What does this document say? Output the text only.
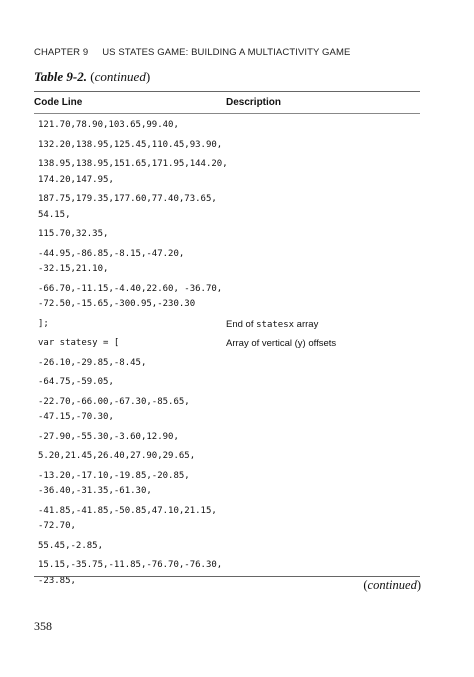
CHAPTER 9 US STATES GAME: BUILDING A MULTIACTIVITY GAME
Table 9-2. (continued)
Code Line	Description
121.70,78.90,103.65,99.40,
132.20,138.95,125.45,110.45,93.90,
138.95,138.95,151.65,171.95,144.20,
174.20,147.95,
187.75,179.35,177.60,77.40,73.65,
54.15,
115.70,32.35,
-44.95,-86.85,-8.15,-47.20,
-32.15,21.10,
-66.70,-11.15,-4.40,22.60, -36.70,
-72.50,-15.65,-300.95,-230.30
];	End of statesx array
var statesy = [	Array of vertical (y) offsets
-26.10,-29.85,-8.45,
-64.75,-59.05,
-22.70,-66.00,-67.30,-85.65,
-47.15,-70.30,
-27.90,-55.30,-3.60,12.90,
5.20,21.45,26.40,27.90,29.65,
-13.20,-17.10,-19.85,-20.85,
-36.40,-31.35,-61.30,
-41.85,-41.85,-50.85,47.10,21.15,
-72.70,
55.45,-2.85,
15.15,-35.75,-11.85,-76.70,-76.30,
-23.85,	(continued)
358
